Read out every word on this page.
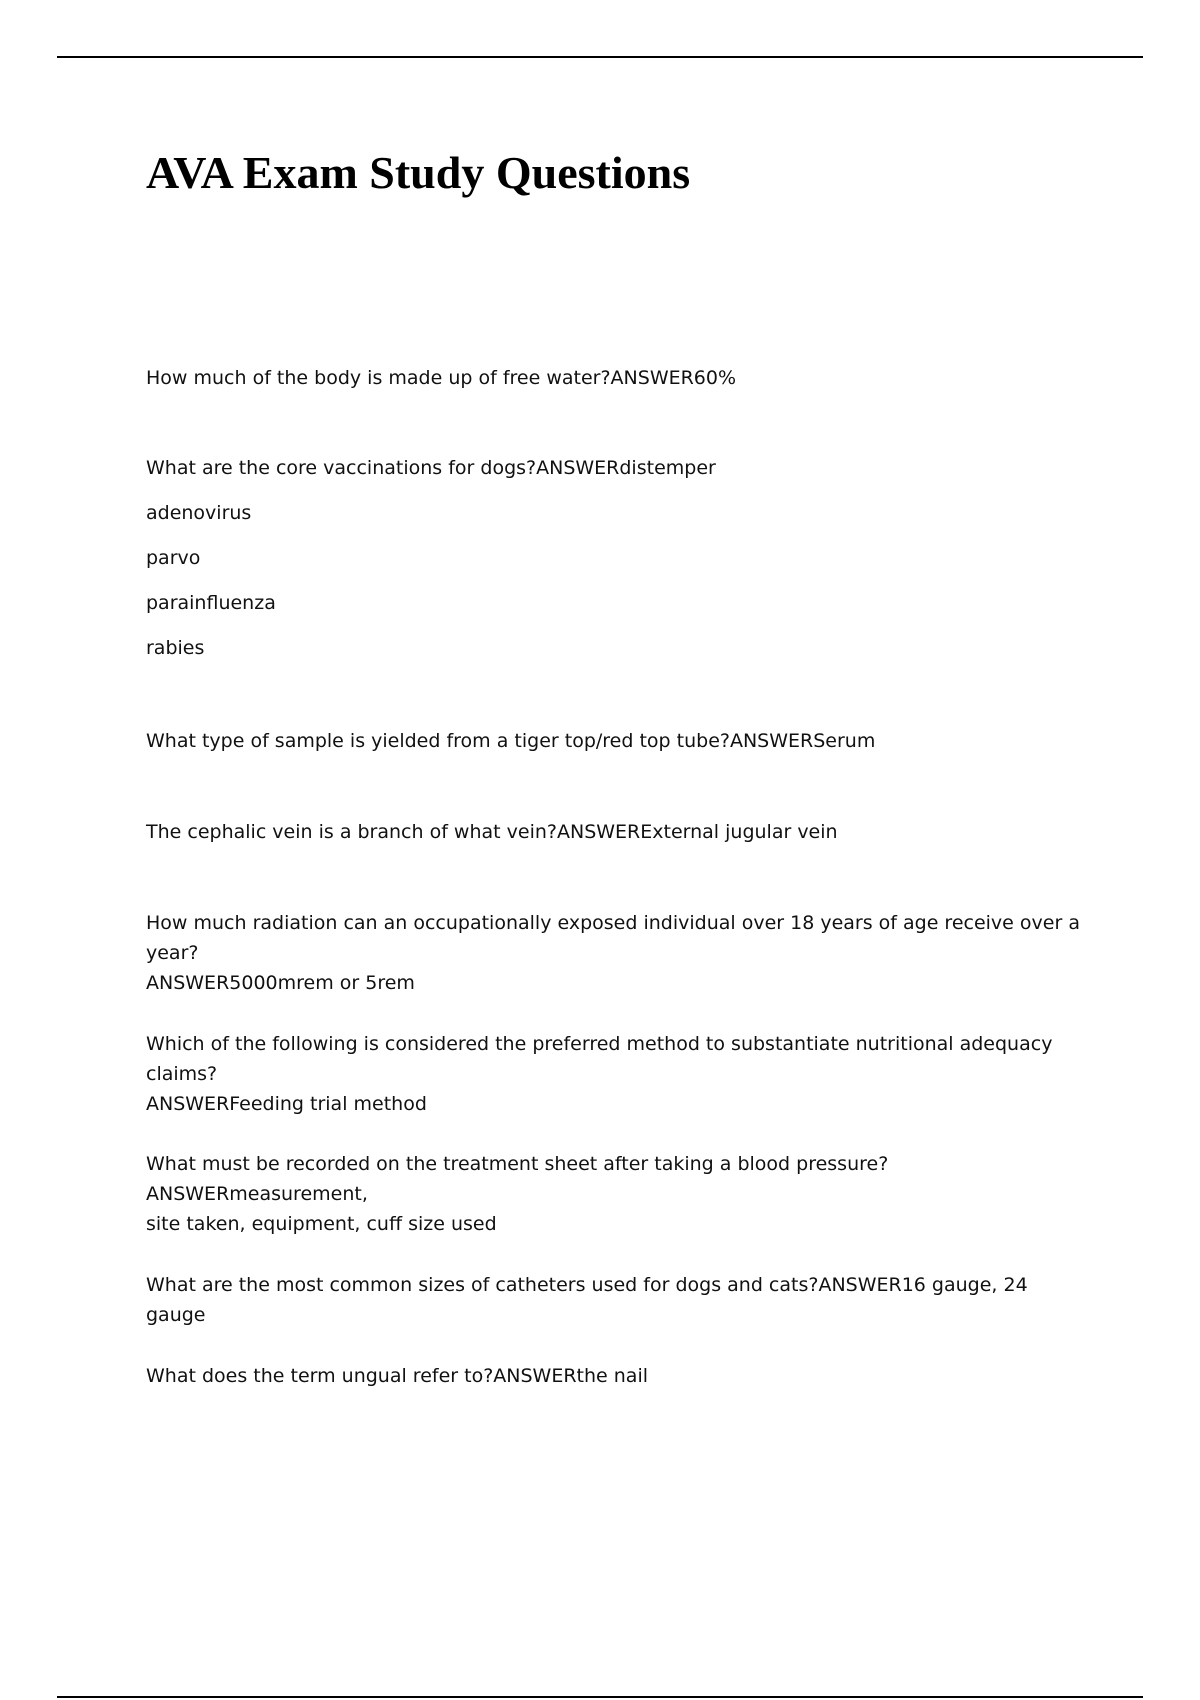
AVA Exam Study Questions

How much of the body is made up of free water?ANSWER60%

What are the core vaccinations for dogs?ANSWERdistemper

adenovirus

parvo

parainfluenza

rabies

What type of sample is yielded from a tiger top/red top tube?ANSWERSerum

The cephalic vein is a branch of what vein?ANSWERExternal jugular vein

How much radiation can an occupationally exposed individual over 18 years of age receive over a year?

ANSWER5000mrem or 5rem

Which of the following is considered the preferred method to substantiate nutritional adequacy claims?

ANSWERFeeding trial method

What must be recorded on the treatment sheet after taking a blood pressure?ANSWERmeasurement,

site taken, equipment, cuff size used

What are the most common sizes of catheters used for dogs and cats?ANSWER16 gauge, 24 gauge

What does the term ungual refer to?ANSWERthe nail
